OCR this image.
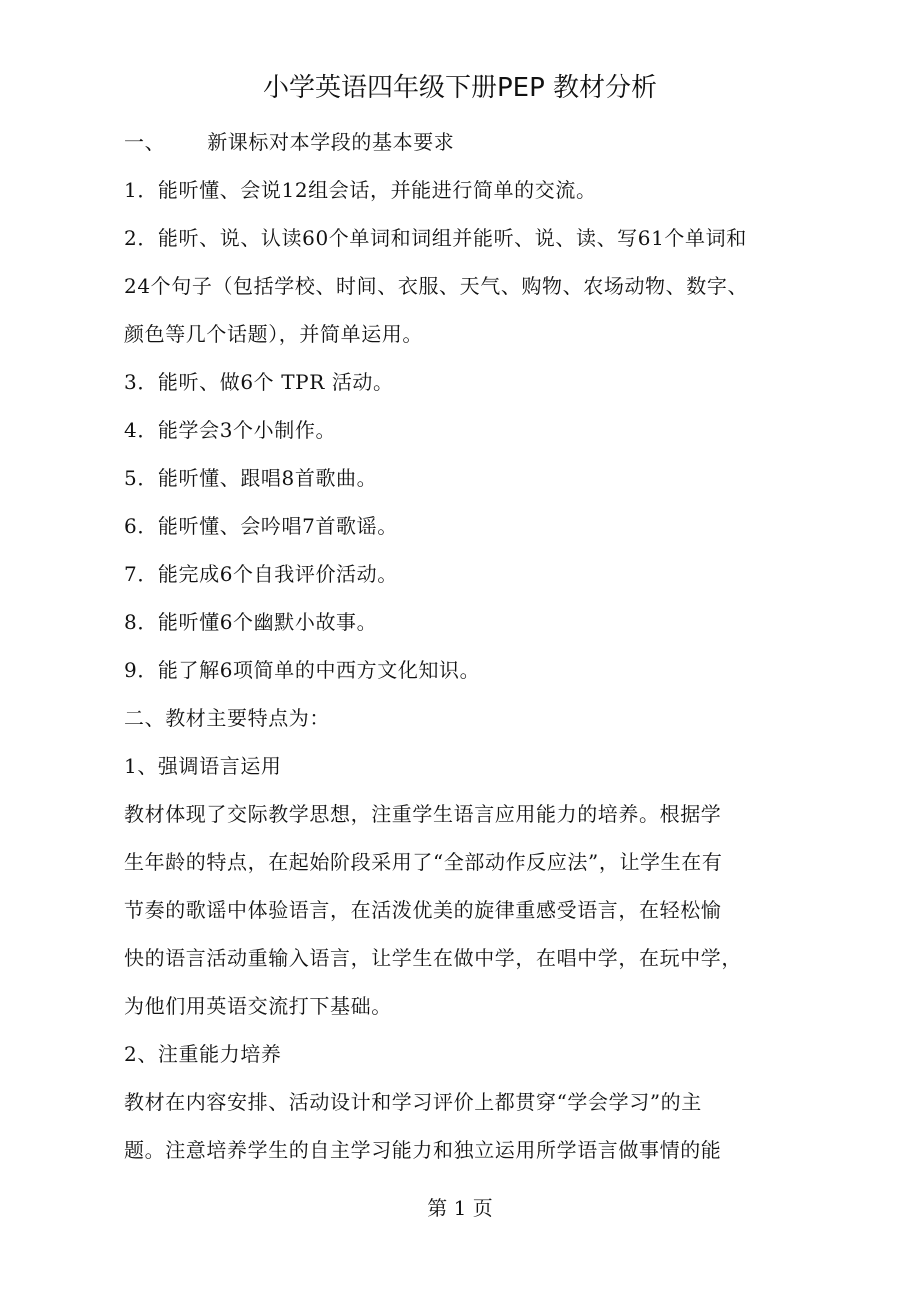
小学英语四年级下册PEP 教材分析
一、 新课标对本学段的基本要求
1．能听懂、会说12组会话，并能进行简单的交流。
2．能听、说、认读60个单词和词组并能听、说、读、写61个单词和
24个句子（包括学校、时间、衣服、天气、购物、农场动物、数字、
颜色等几个话题），并简单运用。
3．能听、做6个 TPR 活动。
4．能学会3个小制作。
5．能听懂、跟唱8首歌曲。
6．能听懂、会吟唱7首歌谣。
7．能完成6个自我评价活动。
8．能听懂6个幽默小故事。
9．能了解6项简单的中西方文化知识。
二、教材主要特点为：
1、强调语言运用
教材体现了交际教学思想，注重学生语言应用能力的培养。根据学
生年龄的特点，在起始阶段采用了“全部动作反应法”，让学生在有
节奏的歌谣中体验语言，在活泼优美的旋律重感受语言，在轻松愉
快的语言活动重输入语言，让学生在做中学，在唱中学，在玩中学，
为他们用英语交流打下基础。
2、注重能力培养
教材在内容安排、活动设计和学习评价上都贯穿“学会学习”的主
题。注意培养学生的自主学习能力和独立运用所学语言做事情的能
第 1 页
